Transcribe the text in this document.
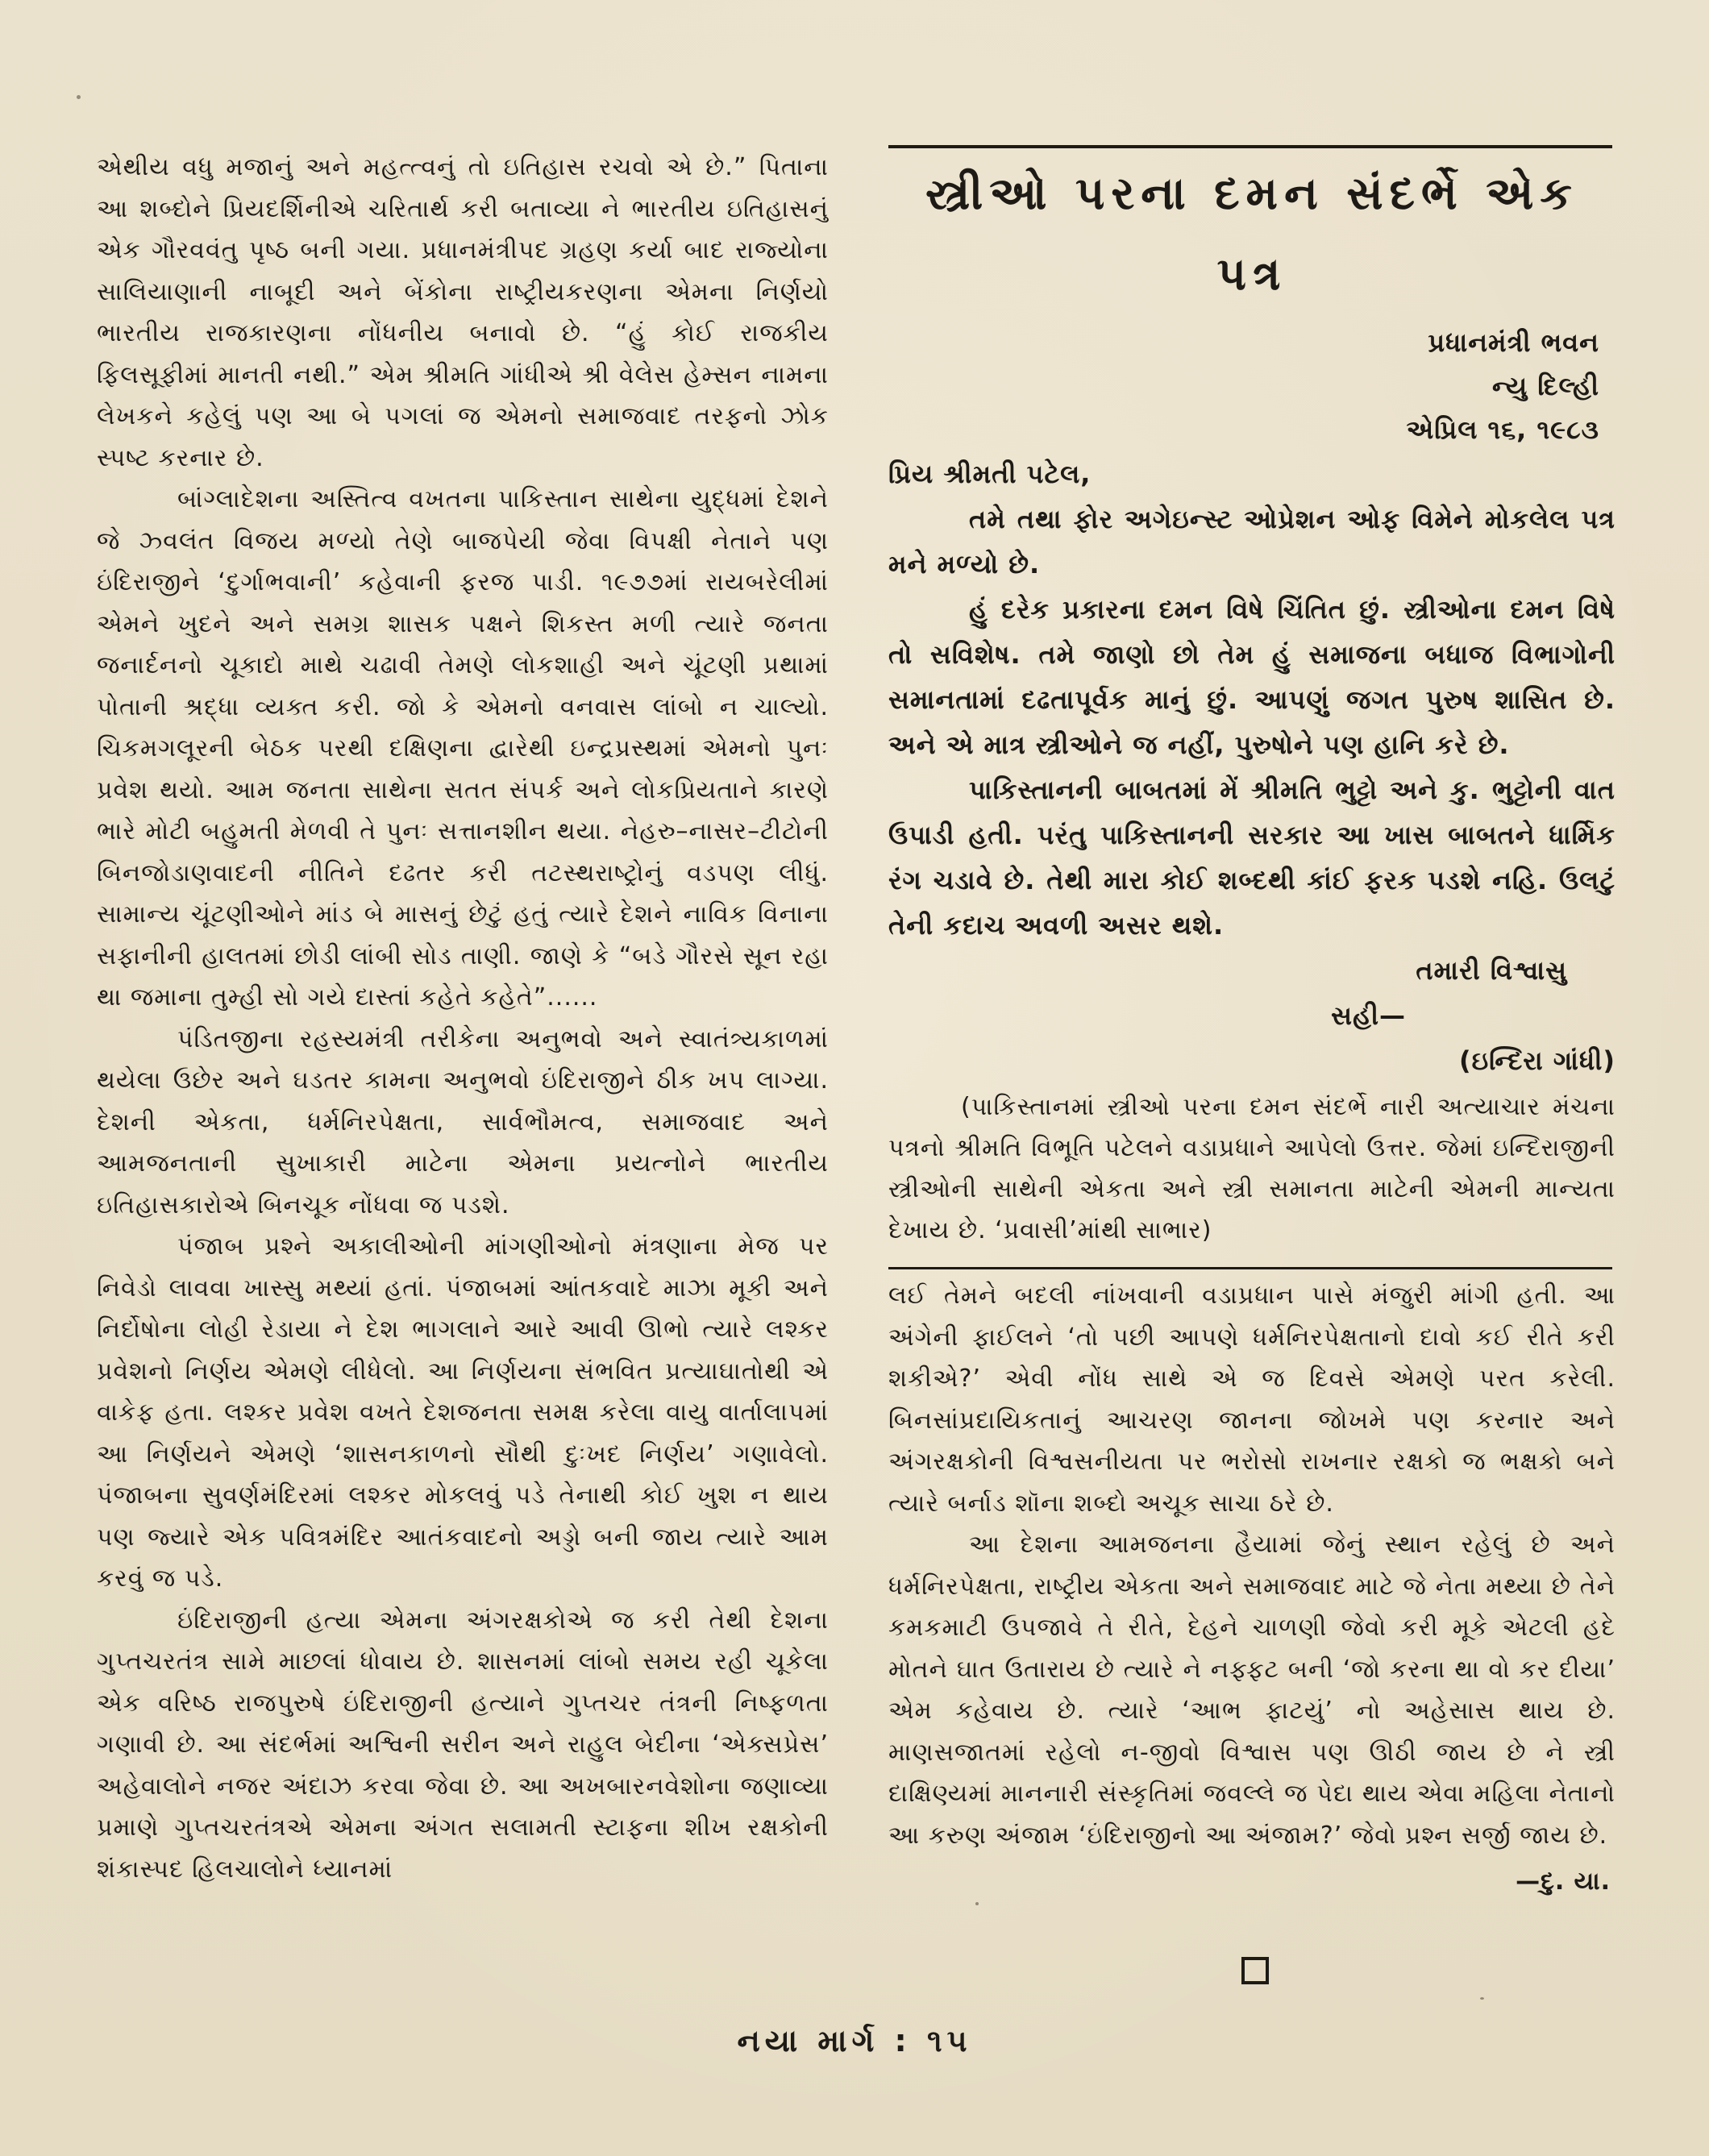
એથીય વધુ મજાનું અને મહત્ત્વનું તો ઇતિહાસ રચવો એ છે.” પિતાના આ શબ્દોને પ્રિયદર્શિનીએ ચરિતાર્થ કરી બતાવ્યા ને ભારતીય ઇતિહાસનું એક ગૌરવવંતુ પૃષ્ઠ બની ગયા. પ્રધાનમંત્રીપદ ગ્રહણ કર્યા બાદ રાજ્યોના સાલિયાણાની નાબૂદી અને બેંકોના રાષ્ટ્રીયકરણના એમના નિર્ણયો ભારતીય રાજકારણના નોંધનીય બનાવો છે. “હું કોઈ રાજકીય ફિલસૂફીમાં માનતી નથી.” એમ શ્રીમતિ ગાંધીએ શ્રી વેલેસ હેમ્સન નામના લેખકને કહેલું પણ આ બે પગલાં જ એમનો સમાજવાદ તરફનો ઝોક સ્પષ્ટ કરનાર છે.

બાંગ્લાદેશના અસ્તિત્વ વખતના પાકિસ્તાન સાથેના યુદ્ધમાં દેશને જે ઝ્વલંત વિજય મળ્યો તેણે બાજપેયી જેવા વિપક્ષી નેતાને પણ ઇંદિરાજીને ‘દુર્ગાભવાની’ કહેવાની ફરજ પાડી. ૧૯૭૭માં રાયબરેલીમાં એમને ખુદને અને સમગ્ર શાસક પક્ષને શિકસ્ત મળી ત્યારે જનતા જનાર્દનનો ચૂકાદો માથે ચઢાવી તેમણે લોકશાહી અને ચૂંટણી પ્રથામાં પોતાની શ્રદ્ધા વ્યક્ત કરી. જો કે એમનો વનવાસ લાંબો ન ચાલ્યો. ચિકમગલૂરની બેઠક પરથી દક્ષિણના દ્વારેથી ઇન્દ્રપ્રસ્થમાં એમનો પુનઃ પ્રવેશ થયો. આમ જનતા સાથેના સતત સંપર્ક અને લોકપ્રિયતાને કારણે ભારે મોટી બહુમતી મેળવી તે પુનઃ સત્તાનશીન થયા. નેહરુ–નાસર–ટીટોની બિનજોડાણવાદની નીતિને દઢતર કરી તટસ્થરાષ્ટ્રોનું વડપણ લીધું. સામાન્ય ચૂંટણીઓને માંડ બે માસનું છેટું હતું ત્યારે દેશને નાવિક વિનાના સફાનીની હાલતમાં છોડી લાંબી સોડ તાણી. જાણે કે “બડે ગૌરસે સૂન રહા થા જમાના તુમ્હી સો ગયે દાસ્તાં કહેતે કહેતે”......

પંડિતજીના રહસ્યમંત્રી તરીકેના અનુભવો અને સ્વાતંત્ર્યકાળમાં થયેલા ઉછેર અને ઘડતર કામના અનુભવો ઇંદિરાજીને ઠીક ખપ લાગ્યા. દેશની એકતા, ધર્મનિરપેક્ષતા, સાર્વભૌમત્વ, સમાજવાદ અને આમજનતાની સુખાકારી માટેના એમના પ્રયત્નોને ભારતીય ઇતિહાસકારોએ બિનચૂક નોંધવા જ પડશે.

પંજાબ પ્રશ્ને અકાલીઓની માંગણીઓનો મંત્રણાના મેજ પર નિવેડો લાવવા ખાસ્સુ મથ્યાં હતાં. પંજાબમાં આંતકવાદે માઝા મૂકી અને નિર્દોષોના લોહી રેડાયા ને દેશ ભાગલાને આરે આવી ઊભો ત્યારે લશ્કર પ્રવેશનો નિર્ણય એમણે લીધેલો. આ નિર્ણયના સંભવિત પ્રત્યાઘાતોથી એ વાકેફ હતા. લશ્કર પ્રવેશ વખતે દેશજનતા સમક્ષ કરેલા વાયુ વાર્તાલાપમાં આ નિર્ણયને એમણે ‘શાસનકાળનો સૌથી દુઃખદ નિર્ણય’ ગણાવેલો. પંજાબના સુવર્ણમંદિરમાં લશ્કર મોકલવું પડે તેનાથી કોઈ ખુશ ન થાય પણ જ્યારે એક પવિત્રમંદિર આતંકવાદનો અડ્ડો બની જાય ત્યારે આમ કરવું જ પડે.

ઇંદિરાજીની હત્યા એમના અંગરક્ષકોએ જ કરી તેથી દેશના ગુપ્તચરતંત્ર સામે માછલાં ધોવાય છે. શાસનમાં લાંબો સમય રહી ચૂકેલા એક વરિષ્ઠ રાજપુરુષે ઇંદિરાજીની હત્યાને ગુપ્તચર તંત્રની નિષ્ફળતા ગણાવી છે. આ સંદર્ભમાં અશ્વિની સરીન અને રાહુલ બેદીના ‘એક્સપ્રેસ’ અહેવાલોને નજર અંદાઝ કરવા જેવા છે. આ અખબારનવેશોના જણાવ્યા પ્રમાણે ગુપ્તચરતંત્રએ એમના અંગત સલામતી સ્ટાફના શીખ રક્ષકોની શંકાસ્પદ હિલચાલોને ધ્યાનમાં

સ્ત્રીઓ પરના દમન સંદર્ભે એક પત્ર
પ્રધાનમંત્રી ભવન
ન્યુ દિલ્હી
એપ્રિલ ૧૬, ૧૯૮૩

પ્રિય શ્રીમતી પટેલ,

તમે તથા ફોર અગેઇન્સ્ટ ઓપ્રેશન ઓફ વિમેને મોકલેલ પત્ર મને મળ્યો છે.

હું દરેક પ્રકારના દમન વિષે ચિંતિત છું. સ્ત્રીઓના દમન વિષે તો સવિશેષ. તમે જાણો છો તેમ હું સમાજના બધાજ વિભાગોની સમાનતામાં દઢતાપૂર્વક માનું છું. આપણું જગત પુરુષ શાસિત છે. અને એ માત્ર સ્ત્રીઓને જ નહીં, પુરુષોને પણ હાનિ કરે છે.

પાકિસ્તાનની બાબતમાં મેં શ્રીમતિ ભુટ્ટો અને કુ. ભુટ્ટોની વાત ઉપાડી હતી. પરંતુ પાકિસ્તાનની સરકાર આ ખાસ બાબતને ધાર્મિક રંગ ચડાવે છે. તેથી મારા કોઈ શબ્દથી કાંઈ ફરક પડશે નહિ. ઉલટું તેની કદાચ અવળી અસર થશે.

તમારી વિશ્વાસુ
સહી—
(ઇન્દિરા ગાંધી)

(પાકિસ્તાનમાં સ્ત્રીઓ પરના દમન સંદર્ભે નારી અત્યાચાર મંચના પત્રનો શ્રીમતિ વિભૂતિ પટેલને વડાપ્રધાને આપેલો ઉત્તર. જેમાં ઇન્દિરાજીની સ્ત્રીઓની સાથેની એકતા અને સ્ત્રી સમાનતા માટેની એમની માન્યતા દેખાય છે. ‘પ્રવાસી’માંથી સાભાર)

લઈ તેમને બદલી નાંખવાની વડાપ્રધાન પાસે મંજુરી માંગી હતી. આ અંગેની ફાઈલને ‘તો પછી આપણે ધર્મનિરપેક્ષતાનો દાવો કઈ રીતે કરી શકીએ?’ એવી નોંધ સાથે એ જ દિવસે એમણે પરત કરેલી. બિનસાંપ્રદાયિકતાનું આચરણ જાનના જોખમે પણ કરનાર અને અંગરક્ષકોની વિશ્વસનીયતા પર ભરોસો રાખનાર રક્ષકો જ ભક્ષકો બને ત્યારે બર્નાડ શૉના શબ્દો અચૂક સાચા ઠરે છે.

આ દેશના આમજનના હૈયામાં જેનું સ્થાન રહેલું છે અને ધર્મનિરપેક્ષતા, રાષ્ટ્રીય એકતા અને સમાજવાદ માટે જે નેતા મથ્યા છે તેને કમકમાટી ઉપજાવે તે રીતે, દેહને ચાળણી જેવો કરી મૂકે એટલી હદે મોતને ઘાત ઉતારાય છે ત્યારે ને નફ્ફટ બની ‘જો કરના થા વો કર દીયા’ એમ કહેવાય છે. ત્યારે ‘આભ ફાટયું’ નો અહેસાસ થાય છે. માણસજાતમાં રહેલો ન-જીવો વિશ્વાસ પણ ઊઠી જાય છે ને સ્ત્રી દાક્ષિણ્યમાં માનનારી સંસ્કૃતિમાં જવલ્લે જ પેદા થાય એવા મહિલા નેતાનો આ કરુણ અંજામ ‘ઇંદિરાજીનો આ અંજામ?’ જેવો પ્રશ્ન સર્જી જાય છે.

—દુ. યા.
નયા માર્ગ : ૧૫
